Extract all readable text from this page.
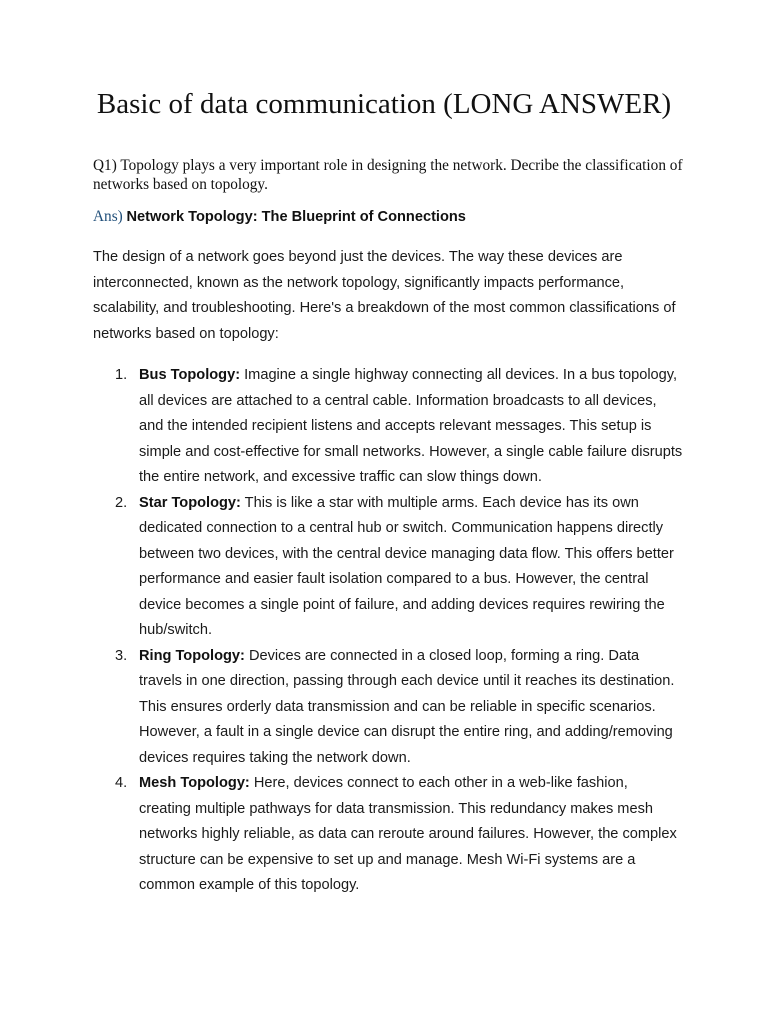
Basic of data communication (LONG ANSWER)
Q1) Topology plays a very important role in designing the network. Decribe the classification of networks based on topology.
Ans) Network Topology: The Blueprint of Connections
The design of a network goes beyond just the devices. The way these devices are interconnected, known as the network topology, significantly impacts performance, scalability, and troubleshooting. Here's a breakdown of the most common classifications of networks based on topology:
1. Bus Topology: Imagine a single highway connecting all devices. In a bus topology, all devices are attached to a central cable. Information broadcasts to all devices, and the intended recipient listens and accepts relevant messages. This setup is simple and cost-effective for small networks. However, a single cable failure disrupts the entire network, and excessive traffic can slow things down.
2. Star Topology: This is like a star with multiple arms. Each device has its own dedicated connection to a central hub or switch. Communication happens directly between two devices, with the central device managing data flow. This offers better performance and easier fault isolation compared to a bus. However, the central device becomes a single point of failure, and adding devices requires rewiring the hub/switch.
3. Ring Topology: Devices are connected in a closed loop, forming a ring. Data travels in one direction, passing through each device until it reaches its destination. This ensures orderly data transmission and can be reliable in specific scenarios. However, a fault in a single device can disrupt the entire ring, and adding/removing devices requires taking the network down.
4. Mesh Topology: Here, devices connect to each other in a web-like fashion, creating multiple pathways for data transmission. This redundancy makes mesh networks highly reliable, as data can reroute around failures. However, the complex structure can be expensive to set up and manage. Mesh Wi-Fi systems are a common example of this topology.
